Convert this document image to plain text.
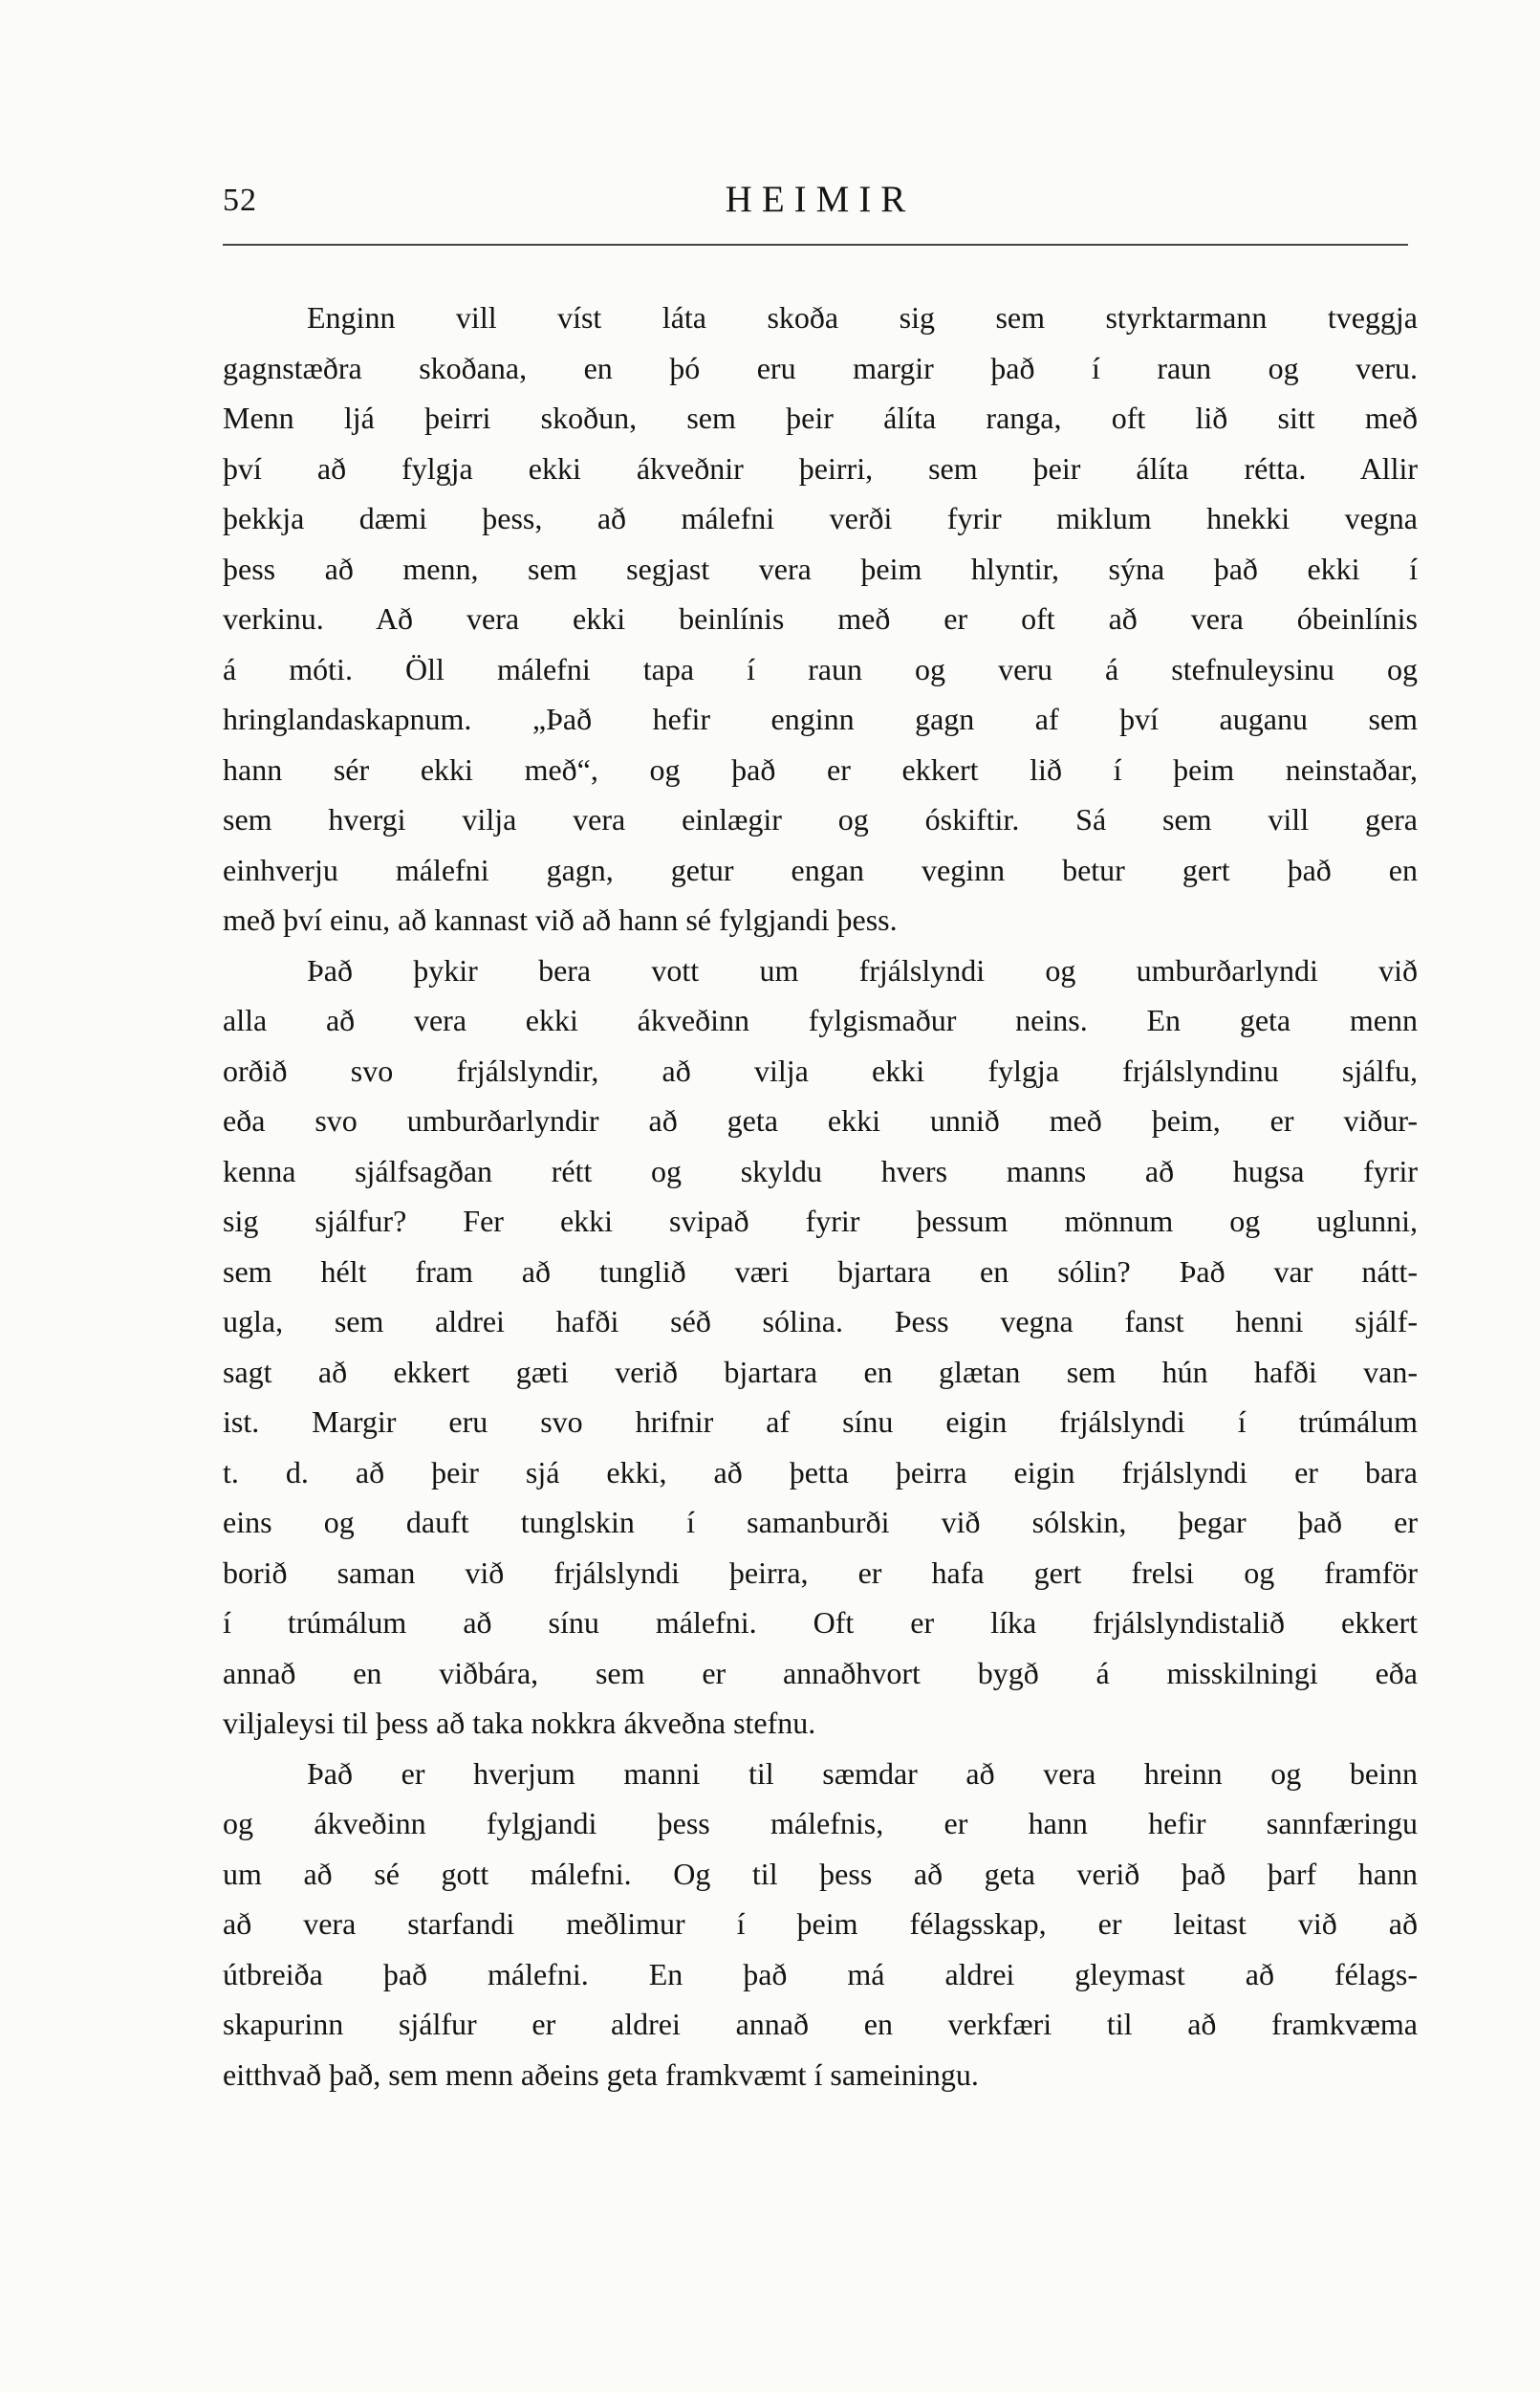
52	HEIMIR
Enginn vill víst láta skoða sig sem styrktarmann tveggja
gagnstæðra skoðana, en þó eru margir það í raun og veru.
Menn ljá þeirri skoðun, sem þeir álíta ranga, oft lið sitt með
því að fylgja ekki ákveðnir þeirri, sem þeir álíta rétta. Allir
þekkja dæmi þess, að málefni verði fyrir miklum hnekki vegna
þess að menn, sem segjast vera þeim hlyntir, sýna það ekki í
verkinu. Að vera ekki beinlínis með er oft að vera óbeinlínis
á móti. Öll málefni tapa í raun og veru á stefnuleysinu og
hringlandaskapnum. „Það hefir enginn gagn af því auganu sem
hann sér ekki með“, og það er ekkert lið í þeim neinstaðar,
sem hvergi vilja vera einlægir og óskiftir. Sá sem vill gera
einhverju málefni gagn, getur engan veginn betur gert það en
með því einu, að kannast við að hann sé fylgjandi þess.
Það þykir bera vott um frjálslyndi og umburðarlyndi við
alla að vera ekki ákveðinn fylgismaður neins. En geta menn
orðið svo frjálslyndir, að vilja ekki fylgja frjálslyndinu sjálfu,
eða svo umburðarlyndir að geta ekki unnið með þeim, er viður-
kenna sjálfsagðan rétt og skyldu hvers manns að hugsa fyrir
sig sjálfur? Fer ekki svipað fyrir þessum mönnum og uglunni,
sem hélt fram að tunglið væri bjartara en sólin? Það var nátt-
ugla, sem aldrei hafði séð sólina. Þess vegna fanst henni sjálf-
sagt að ekkert gæti verið bjartara en glætan sem hún hafði van-
ist. Margir eru svo hrifnir af sínu eigin frjálslyndi í trúmálum
t. d. að þeir sjá ekki, að þetta þeirra eigin frjálslyndi er bara
eins og dauft tunglskin í samanburði við sólskin, þegar það er
borið saman við frjálslyndi þeirra, er hafa gert frelsi og framför
í trúmálum að sínu málefni. Oft er líka frjálslyndistalið ekkert
annað en viðbára, sem er annaðhvort bygð á misskilningi eða
viljaleysi til þess að taka nokkra ákveðna stefnu.
Það er hverjum manni til sæmdar að vera hreinn og beinn
og ákveðinn fylgjandi þess málefnis, er hann hefir sannfæringu
um að sé gott málefni. Og til þess að geta verið það þarf hann
að vera starfandi meðlimur í þeim félagsskap, er leitast við að
útbreiða það málefni. En það má aldrei gleymast að félags-
skapurinn sjálfur er aldrei annað en verkfæri til að framkvæma
eitthvað það, sem menn aðeins geta framkvæmt í sameiningu.
